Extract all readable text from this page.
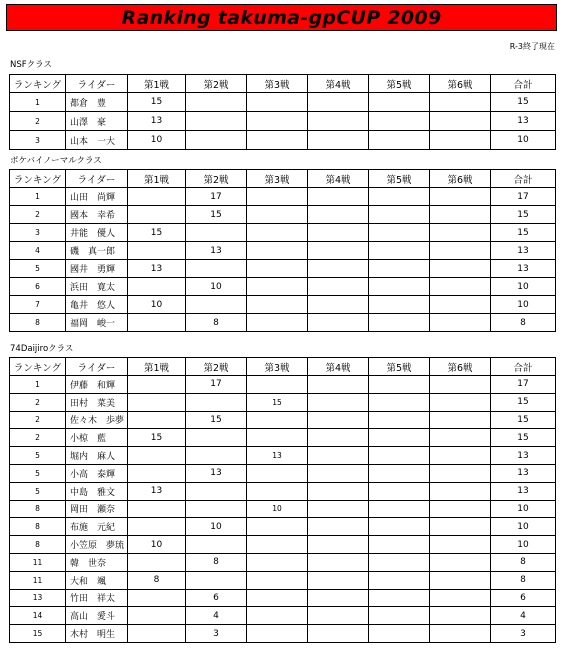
Ranking takuma-gpCUP 2009
R-3終了現在
NSFクラス
ランキング	ライダー	第1戦	第2戦	第3戦	第4戦	第5戦	第6戦	合計
1	都倉　豊	15						15
2	山澤　豪	13						13
3	山本　一大	10						10
ポケバイノーマルクラス
ランキング	ライダー	第1戦	第2戦	第3戦	第4戦	第5戦	第6戦	合計
1	山田　尚輝		17					17
2	國本　幸希		15					15
3	井能　優人	15						15
4	磯　真一郎		13					13
5	國井　勇輝	13						13
6	浜田　寛太		10					10
7	亀井　悠人	10						10
8	福岡　峻一		8					8
74Daijiroクラス
ランキング	ライダー	第1戦	第2戦	第3戦	第4戦	第5戦	第6戦	合計
1	伊藤　和輝		17					17
2	田村　菜美			15				15
2	佐々木　歩夢		15					15
2	小椋　藍	15						15
5	堀内　麻人			13				13
5	小高　泰輝		13					13
5	中島　雅文	13						13
8	岡田　瀬奈			10				10
8	布施　元紀		10					10
8	小笠原　夢琉	10						10
11	韓　世奈		8					8
11	大和　颯	8						8
13	竹田　祥太		6					6
14	高山　愛斗		4					4
15	木村　明生		3					3
